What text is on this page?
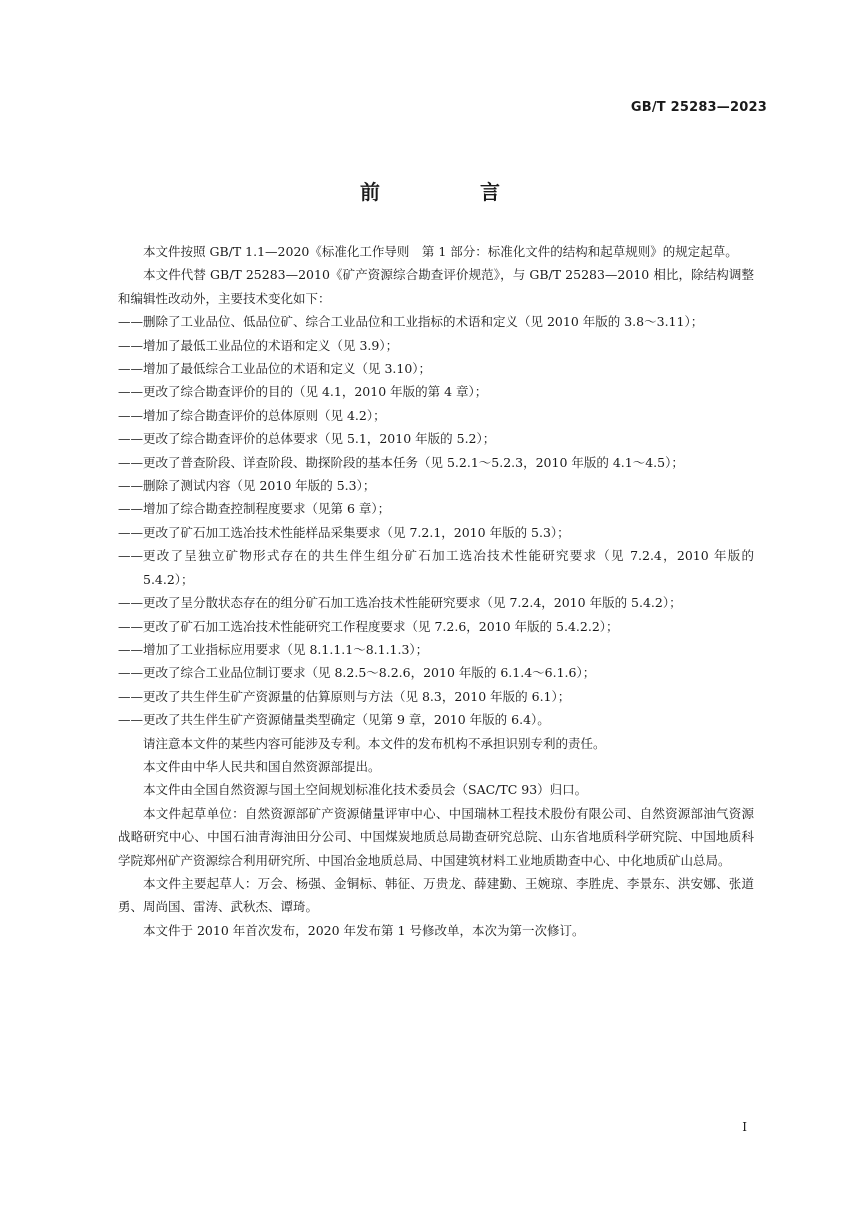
GB/T 25283—2023
前　言

本文件按照 GB/T 1.1—2020《标准化工作导则　第 1 部分：标准化文件的结构和起草规则》的规定起草。

本文件代替 GB/T 25283—2010《矿产资源综合勘查评价规范》，与 GB/T 25283—2010 相比，除结构调整和编辑性改动外，主要技术变化如下：

—— 删除了工业品位、低品位矿、综合工业品位和工业指标的术语和定义（见 2010 年版的 3.8～3.11）；

—— 增加了最低工业品位的术语和定义（见 3.9）；

—— 增加了最低综合工业品位的术语和定义（见 3.10）；

—— 更改了综合勘查评价的目的（见 4.1，2010 年版的第 4 章）；

—— 增加了综合勘查评价的总体原则（见 4.2）；

—— 更改了综合勘查评价的总体要求（见 5.1，2010 年版的 5.2）；

—— 更改了普查阶段、详查阶段、勘探阶段的基本任务（见 5.2.1～5.2.3，2010 年版的 4.1～4.5）；

—— 删除了测试内容（见 2010 年版的 5.3）；

—— 增加了综合勘查控制程度要求（见第 6 章）；

—— 更改了矿石加工选冶技术性能样品采集要求（见 7.2.1，2010 年版的 5.3）；

—— 更改了呈独立矿物形式存在的共生伴生组分矿石加工选冶技术性能研究要求（见 7.2.4，2010 年版的 5.4.2）；

—— 更改了呈分散状态存在的组分矿石加工选冶技术性能研究要求（见 7.2.4，2010 年版的 5.4.2）；

—— 更改了矿石加工选冶技术性能研究工作程度要求（见 7.2.6，2010 年版的 5.4.2.2）；

—— 增加了工业指标应用要求（见 8.1.1.1～8.1.1.3）；

—— 更改了综合工业品位制订要求（见 8.2.5～8.2.6，2010 年版的 6.1.4～6.1.6）；

—— 更改了共生伴生矿产资源量的估算原则与方法（见 8.3，2010 年版的 6.1）；

—— 更改了共生伴生矿产资源储量类型确定（见第 9 章，2010 年版的 6.4）。

请注意本文件的某些内容可能涉及专利。本文件的发布机构不承担识别专利的责任。

本文件由中华人民共和国自然资源部提出。

本文件由全国自然资源与国土空间规划标准化技术委员会（SAC/TC 93）归口。

本文件起草单位：自然资源部矿产资源储量评审中心、中国瑞林工程技术股份有限公司、自然资源部油气资源战略研究中心、中国石油青海油田分公司、中国煤炭地质总局勘查研究总院、山东省地质科学研究院、中国地质科学院郑州矿产资源综合利用研究所、中国冶金地质总局、中国建筑材料工业地质勘查中心、中化地质矿山总局。

本文件主要起草人：万会、杨强、金铜标、韩征、万贵龙、薛建勤、王婉琼、李胜虎、李景东、洪安娜、张道勇、周尚国、雷涛、武秋杰、谭琦。

本文件于 2010 年首次发布，2020 年发布第 1 号修改单，本次为第一次修订。

I
